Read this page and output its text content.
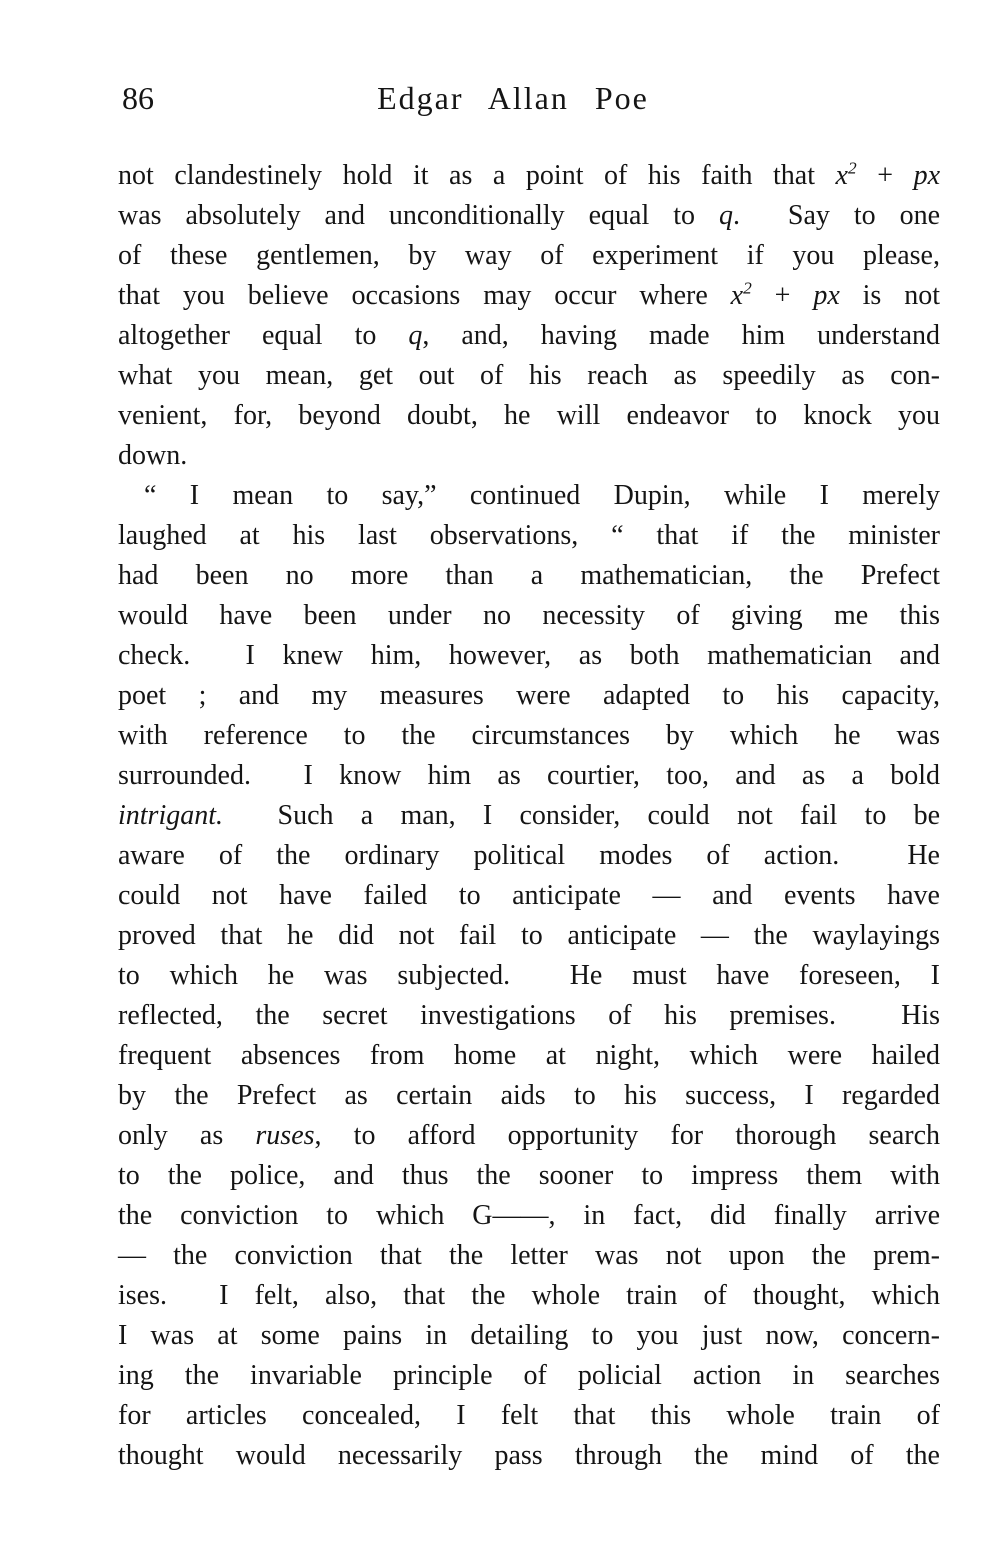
86	Edgar Allan Poe
not clandestinely hold it as a point of his faith that $x^2$ + px
was absolutely and unconditionally equal to q.  Say to one
of these gentlemen, by way of experiment if you please,
that you believe occasions may occur where $x^2$ + px is not
altogether equal to q, and, having made him understand
what you mean, get out of his reach as speedily as con-
venient, for, beyond doubt, he will endeavor to knock you
down.
“ I mean to say,” continued Dupin, while I merely
laughed at his last observations, “ that if the minister
had been no more than a mathematician, the Prefect
would have been under no necessity of giving me this
check.  I knew him, however, as both mathematician and
poet ; and my measures were adapted to his capacity,
with reference to the circumstances by which he was
surrounded.  I know him as courtier, too, and as a bold
intrigant.  Such a man, I consider, could not fail to be
aware of the ordinary political modes of action.  He
could not have failed to anticipate — and events have
proved that he did not fail to anticipate — the waylayings
to which he was subjected.  He must have foreseen, I
reflected, the secret investigations of his premises.  His
frequent absences from home at night, which were hailed
by the Prefect as certain aids to his success, I regarded
only as ruses, to afford opportunity for thorough search
to the police, and thus the sooner to impress them with
the conviction to which G——, in fact, did finally arrive
— the conviction that the letter was not upon the prem-
ises.  I felt, also, that the whole train of thought, which
I was at some pains in detailing to you just now, concern-
ing the invariable principle of policial action in searches
for articles concealed, I felt that this whole train of
thought would necessarily pass through the mind of the
